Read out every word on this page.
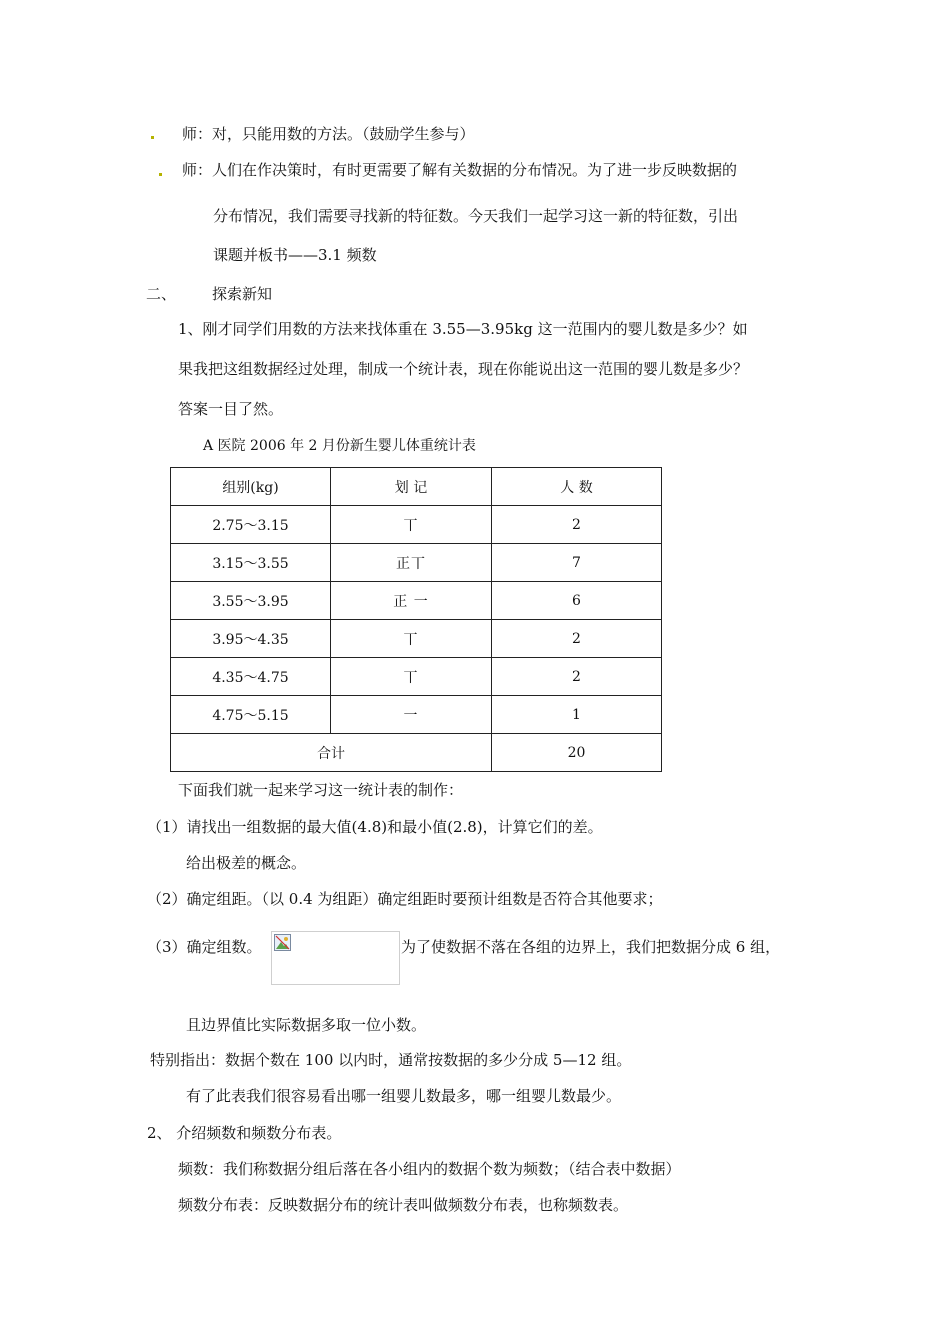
师：对，只能用数的方法。（鼓励学生参与）
师：人们在作决策时，有时更需要了解有关数据的分布情况。为了进一步反映数据的
分布情况，我们需要寻找新的特征数。今天我们一起学习这一新的特征数，引出
课题并板书——3.1 频数
二、 探索新知
1、刚才同学们用数的方法来找体重在 3.55—3.95kg 这一范围内的婴儿数是多少？如
果我把这组数据经过处理，制成一个统计表，现在你能说出这一范围的婴儿数是多少？
答案一目了然。
A 医院 2006 年 2 月份新生婴儿体重统计表
组别(kg)	划 记	人 数
2.75～3.15	丅	2
3.15～3.55	正丅	7
3.55～3.95	正 一	6
3.95～4.35	丅	2
4.35～4.75	丅	2
4.75～5.15	一	1
合计		20
下面我们就一起来学习这一统计表的制作：
（1）请找出一组数据的最大值(4.8)和最小值(2.8)，计算它们的差。
给出极差的概念。
（2）确定组距。（以 0.4 为组距）确定组距时要预计组数是否符合其他要求；
（3）确定组数。	为了使数据不落在各组的边界上，我们把数据分成 6 组，
且边界值比实际数据多取一位小数。
特别指出：数据个数在 100 以内时，通常按数据的多少分成 5—12 组。
有了此表我们很容易看出哪一组婴儿数最多，哪一组婴儿数最少。
2、 介绍频数和频数分布表。
频数：我们称数据分组后落在各小组内的数据个数为频数；（结合表中数据）
频数分布表：反映数据分布的统计表叫做频数分布表，也称频数表。
